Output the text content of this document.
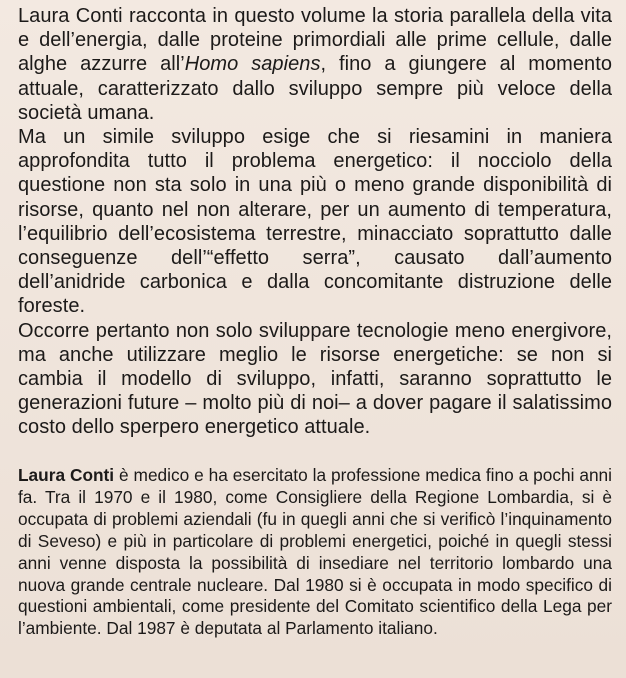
Laura Conti racconta in questo volume la storia parallela della vita e dell’energia, dalle proteine primordiali alle prime cellule, dalle alghe azzurre all’Homo sapiens, fino a giungere al momento attuale, caratterizzato dallo sviluppo sempre più veloce della società umana.

Ma un simile sviluppo esige che si riesamini in maniera approfondita tutto il problema energetico: il nocciolo della questione non sta solo in una più o meno grande disponibilità di risorse, quanto nel non alterare, per un aumento di temperatura, l’equilibrio dell’ecosistema terrestre, minacciato soprattutto dalle conseguenze dell’“effetto serra”, causato dall’aumento dell’anidride carbonica e dalla concomitante distruzione delle foreste.

Occorre pertanto non solo sviluppare tecnologie meno energivore, ma anche utilizzare meglio le risorse energetiche: se non si cambia il modello di sviluppo, infatti, saranno soprattutto le generazioni future – molto più di noi– a dover pagare il salatissimo costo dello sperpero energetico attuale.

Laura Conti è medico e ha esercitato la professione medica fino a pochi anni fa. Tra il 1970 e il 1980, come Consigliere della Regione Lombardia, si è occupata di problemi aziendali (fu in quegli anni che si verificò l’inquinamento di Seveso) e più in particolare di problemi energetici, poiché in quegli stessi anni venne disposta la possibilità di insediare nel territorio lombardo una nuova grande centrale nucleare. Dal 1980 si è occupata in modo specifico di questioni ambientali, come presidente del Comitato scientifico della Lega per l’ambiente. Dal 1987 è deputata al Parlamento italiano.
